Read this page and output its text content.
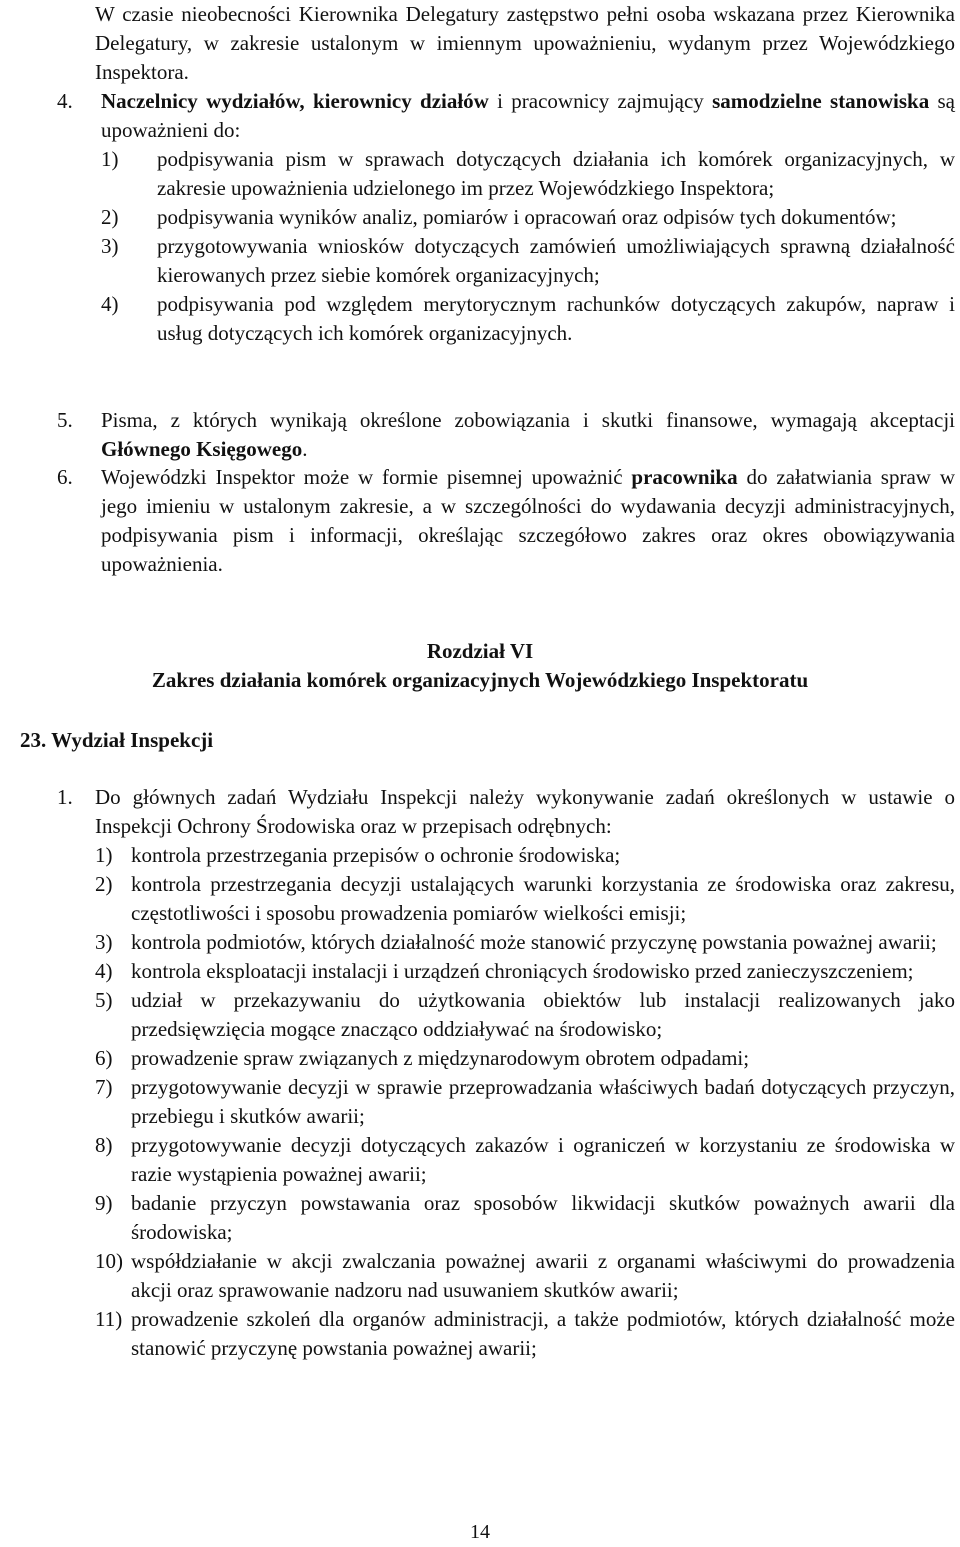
W czasie nieobecności Kierownika Delegatury zastępstwo pełni osoba wskazana przez Kierownika Delegatury, w zakresie ustalonym w imiennym upoważnieniu, wydanym przez Wojewódzkiego Inspektora.

4.	Naczelnicy wydziałów, kierownicy działów i pracownicy zajmujący samodzielne stanowiska są upoważnieni do:

1) podpisywania pism w sprawach dotyczących działania ich komórek organizacyjnych, w zakresie upoważnienia udzielonego im przez Wojewódzkiego Inspektora;
2) podpisywania wyników analiz, pomiarów i opracowań oraz odpisów tych dokumentów;
3) przygotowywania wniosków dotyczących zamówień umożliwiających sprawną działalność kierowanych przez siebie komórek organizacyjnych;
4) podpisywania pod względem merytorycznym rachunków dotyczących zakupów, napraw i usług dotyczących ich komórek organizacyjnych.
5.	Pisma, z których wynikają określone zobowiązania i skutki finansowe, wymagają akceptacji Głównego Księgowego.

6.	Wojewódzki Inspektor może w formie pisemnej upoważnić pracownika do załatwiania spraw w jego imieniu w ustalonym zakresie, a w szczególności do wydawania decyzji administracyjnych, podpisywania pism i informacji, określając szczegółowo zakres oraz okres obowiązywania upoważnienia.

Rozdział VI
Zakres działania komórek organizacyjnych Wojewódzkiego Inspektoratu
23. Wydział Inspekcji
1.	Do głównych zadań Wydziału Inspekcji należy wykonywanie zadań określonych w ustawie o Inspekcji Ochrony Środowiska oraz w przepisach odrębnych:

1) kontrola przestrzegania przepisów o ochronie środowiska;
2) kontrola przestrzegania decyzji ustalających warunki korzystania ze środowiska oraz zakresu, częstotliwości i sposobu prowadzenia pomiarów wielkości emisji;
3) kontrola podmiotów, których działalność może stanowić przyczynę powstania poważnej awarii;
4) kontrola eksploatacji instalacji i urządzeń chroniących środowisko przed zanieczyszczeniem;
5) udział w przekazywaniu do użytkowania obiektów lub instalacji realizowanych jako przedsięwzięcia mogące znacząco oddziaływać na środowisko;
6) prowadzenie spraw związanych z międzynarodowym obrotem odpadami;
7) przygotowywanie decyzji w sprawie przeprowadzania właściwych badań dotyczących przyczyn, przebiegu i skutków awarii;
8) przygotowywanie decyzji dotyczących zakazów i ograniczeń w korzystaniu ze środowiska w razie wystąpienia poważnej awarii;
9) badanie przyczyn powstawania oraz sposobów likwidacji skutków poważnych awarii dla środowiska;
10) współdziałanie w akcji zwalczania poważnej awarii z organami właściwymi do prowadzenia akcji oraz sprawowanie nadzoru nad usuwaniem skutków awarii;
11) prowadzenie szkoleń dla organów administracji, a także podmiotów, których działalność może stanowić przyczynę powstania poważnej awarii;
14
